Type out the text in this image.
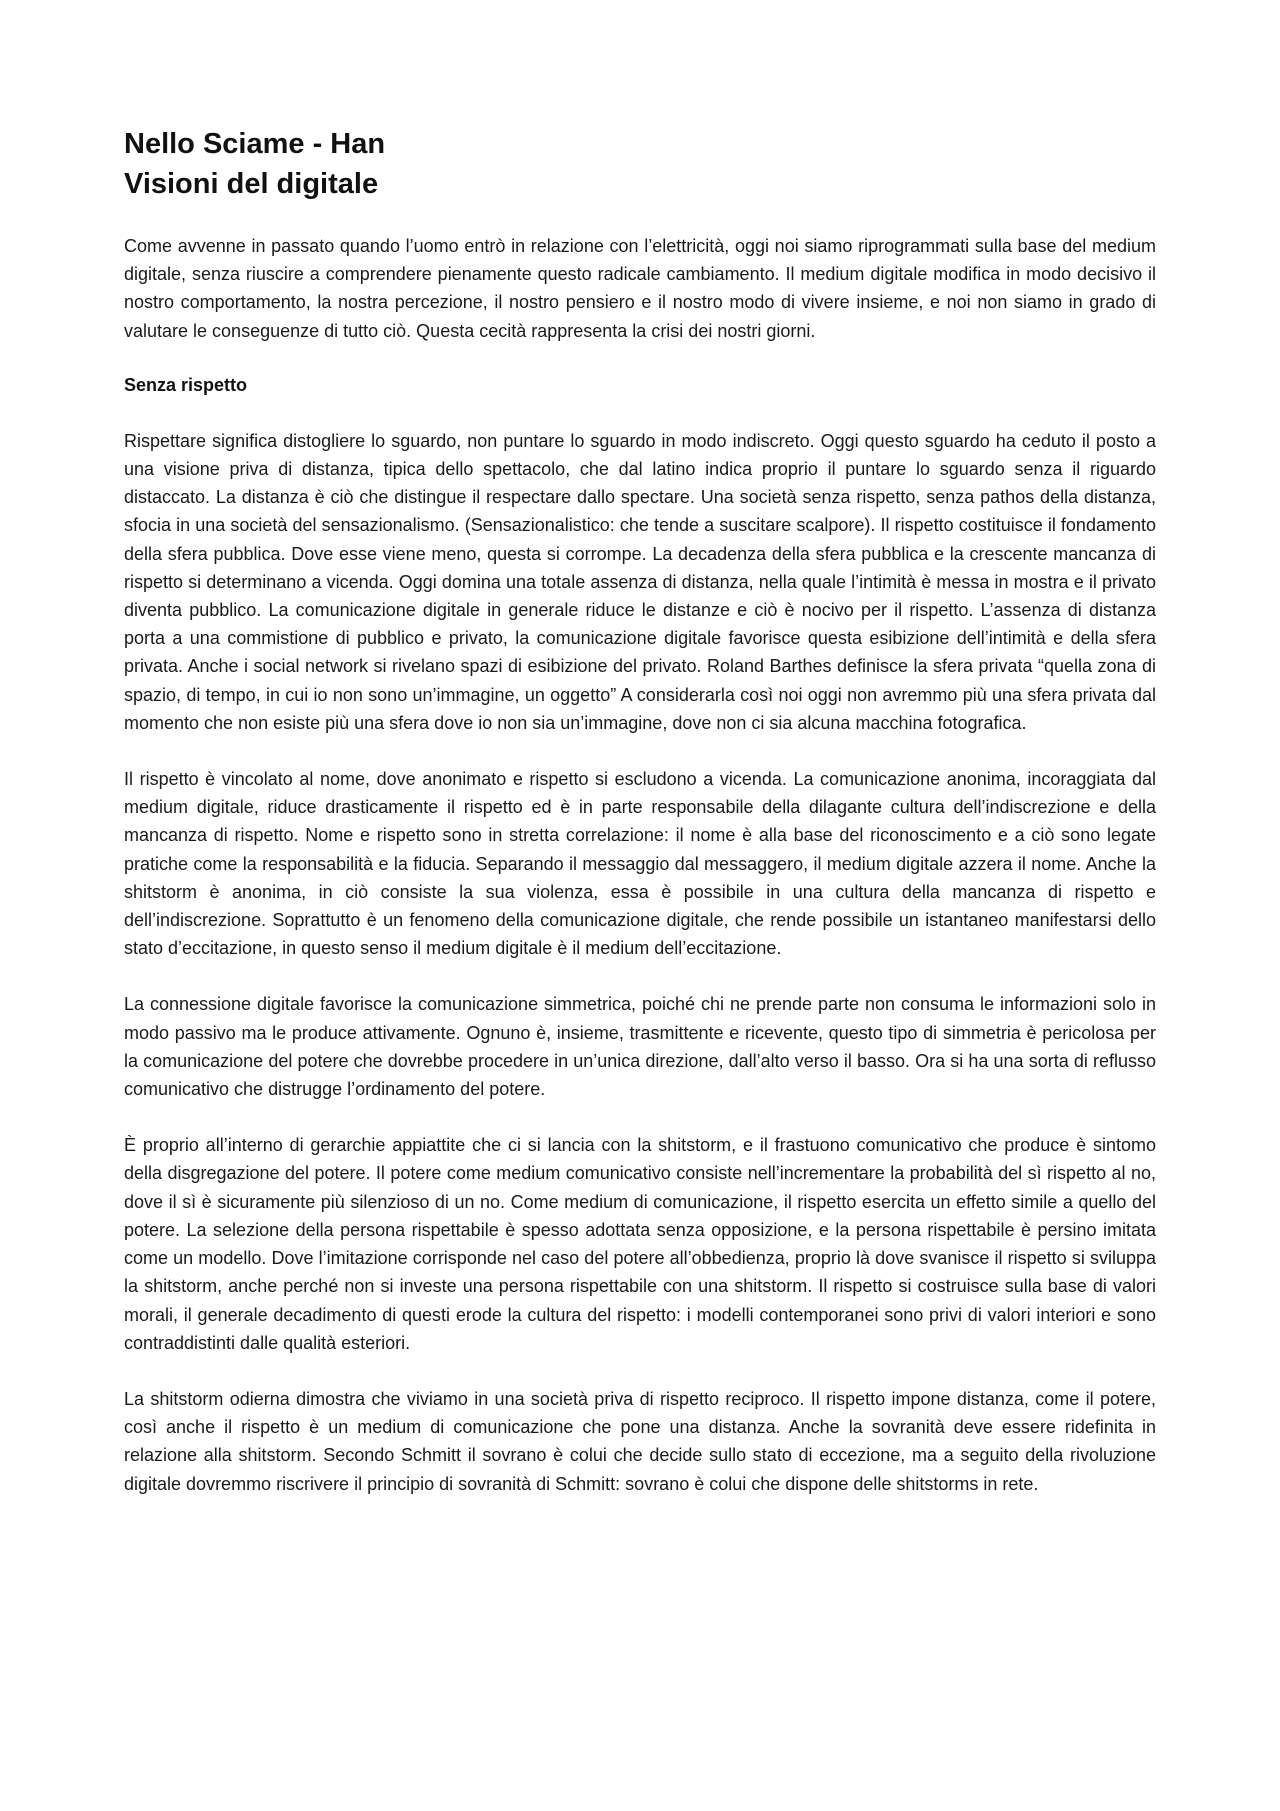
Nello Sciame - Han
Visioni del digitale

Come avvenne in passato quando l’uomo entrò in relazione con l’elettricità, oggi noi siamo riprogrammati sulla base del medium digitale, senza riuscire a comprendere pienamente questo radicale cambiamento. Il medium digitale modifica in modo decisivo il nostro comportamento, la nostra percezione, il nostro pensiero e il nostro modo di vivere insieme, e noi non siamo in grado di valutare le conseguenze di tutto ciò. Questa cecità rappresenta la crisi dei nostri giorni.

Senza rispetto

Rispettare significa distogliere lo sguardo, non puntare lo sguardo in modo indiscreto. Oggi questo sguardo ha ceduto il posto a una visione priva di distanza, tipica dello spettacolo, che dal latino indica proprio il puntare lo sguardo senza il riguardo distaccato. La distanza è ciò che distingue il respectare dallo spectare. Una società senza rispetto, senza pathos della distanza, sfocia in una società del sensazionalismo. (Sensazionalistico: che tende a suscitare scalpore). Il rispetto costituisce il fondamento della sfera pubblica. Dove esse viene meno, questa si corrompe. La decadenza della sfera pubblica e la crescente mancanza di rispetto si determinano a vicenda. Oggi domina una totale assenza di distanza, nella quale l’intimità è messa in mostra e il privato diventa pubblico. La comunicazione digitale in generale riduce le distanze e ciò è nocivo per il rispetto. L’assenza di distanza porta a una commistione di pubblico e privato, la comunicazione digitale favorisce questa esibizione dell’intimità e della sfera privata. Anche i social network si rivelano spazi di esibizione del privato. Roland Barthes definisce la sfera privata “quella zona di spazio, di tempo, in cui io non sono un’immagine, un oggetto” A considerarla così noi oggi non avremmo più una sfera privata dal momento che non esiste più una sfera dove io non sia un’immagine, dove non ci sia alcuna macchina fotografica.

Il rispetto è vincolato al nome, dove anonimato e rispetto si escludono a vicenda. La comunicazione anonima, incoraggiata dal medium digitale, riduce drasticamente il rispetto ed è in parte responsabile della dilagante cultura dell’indiscrezione e della mancanza di rispetto. Nome e rispetto sono in stretta correlazione: il nome è alla base del riconoscimento e a ciò sono legate pratiche come la responsabilità e la fiducia. Separando il messaggio dal messaggero, il medium digitale azzera il nome. Anche la shitstorm è anonima, in ciò consiste la sua violenza, essa è possibile in una cultura della mancanza di rispetto e dell’indiscrezione. Soprattutto è un fenomeno della comunicazione digitale, che rende possibile un istantaneo manifestarsi dello stato d’eccitazione, in questo senso il medium digitale è il medium dell’eccitazione.

La connessione digitale favorisce la comunicazione simmetrica, poiché chi ne prende parte non consuma le informazioni solo in modo passivo ma le produce attivamente. Ognuno è, insieme, trasmittente e ricevente, questo tipo di simmetria è pericolosa per la comunicazione del potere che dovrebbe procedere in un’unica direzione, dall’alto verso il basso. Ora si ha una sorta di reflusso comunicativo che distrugge l’ordinamento del potere.

È proprio all’interno di gerarchie appiattite che ci si lancia con la shitstorm, e il frastuono comunicativo che produce è sintomo della disgregazione del potere. Il potere come medium comunicativo consiste nell’incrementare la probabilità del sì rispetto al no, dove il sì è sicuramente più silenzioso di un no. Come medium di comunicazione, il rispetto esercita un effetto simile a quello del potere. La selezione della persona rispettabile è spesso adottata senza opposizione, e la persona rispettabile è persino imitata come un modello. Dove l’imitazione corrisponde nel caso del potere all’obbedienza, proprio là dove svanisce il rispetto si sviluppa la shitstorm, anche perché non si investe una persona rispettabile con una shitstorm. Il rispetto si costruisce sulla base di valori morali, il generale decadimento di questi erode la cultura del rispetto: i modelli contemporanei sono privi di valori interiori e sono contraddistinti dalle qualità esteriori.

La shitstorm odierna dimostra che viviamo in una società priva di rispetto reciproco. Il rispetto impone distanza, come il potere, così anche il rispetto è un medium di comunicazione che pone una distanza. Anche la sovranità deve essere ridefinita in relazione alla shitstorm. Secondo Schmitt il sovrano è colui che decide sullo stato di eccezione, ma a seguito della rivoluzione digitale dovremmo riscrivere il principio di sovranità di Schmitt: sovrano è colui che dispone delle shitstorms in rete.
